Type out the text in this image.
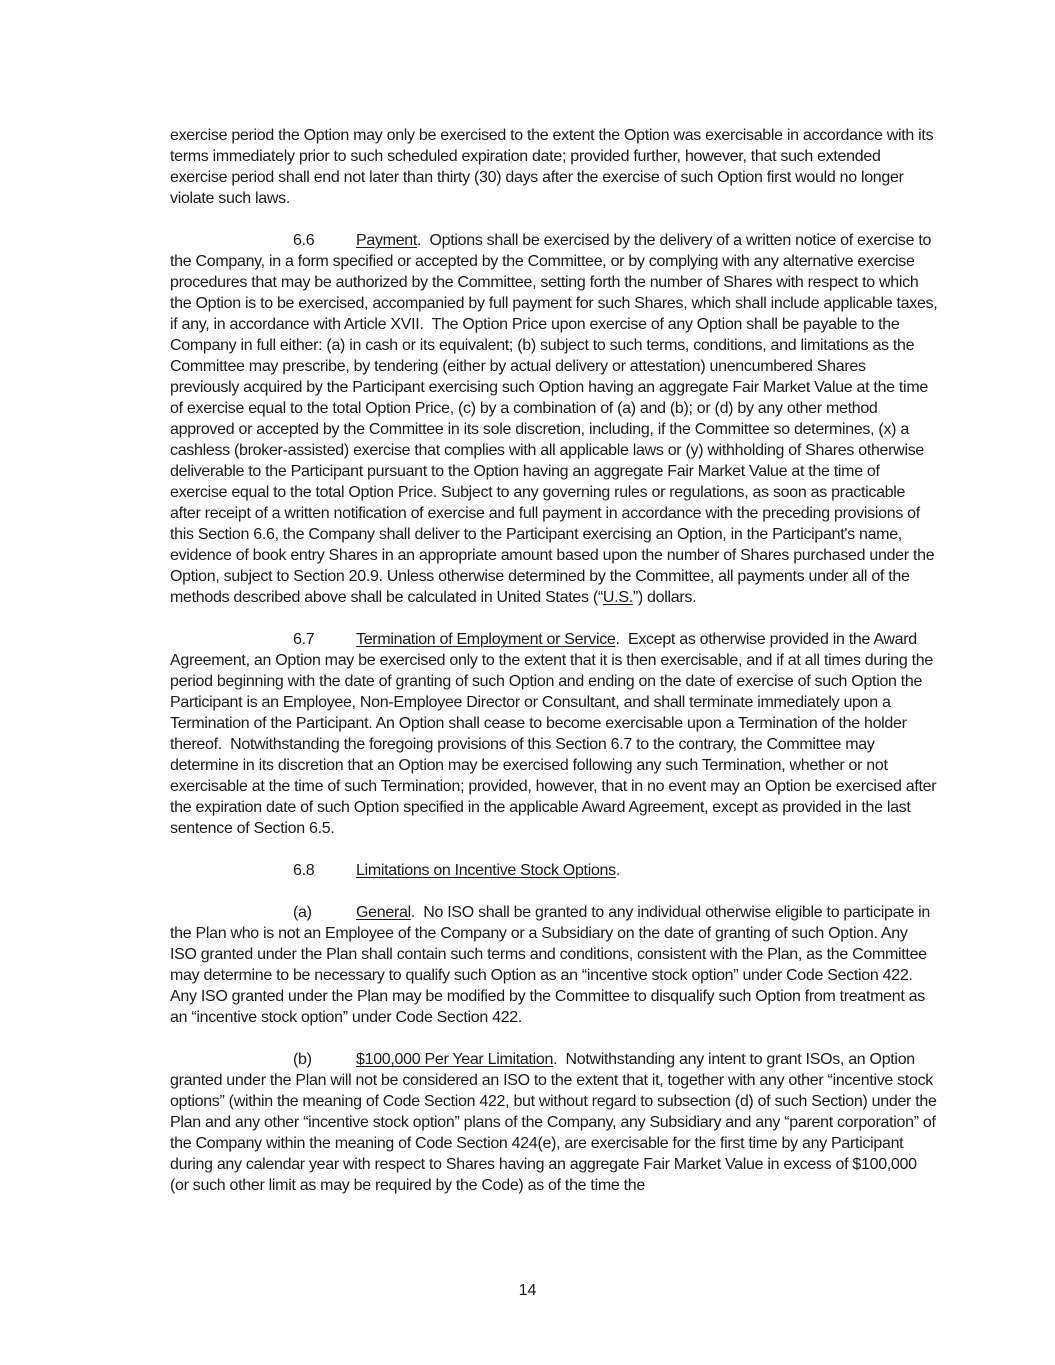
exercise period the Option may only be exercised to the extent the Option was exercisable in accordance with its terms immediately prior to such scheduled expiration date; provided further, however, that such extended exercise period shall end not later than thirty (30) days after the exercise of such Option first would no longer violate such laws.

6.6	Payment.  Options shall be exercised by the delivery of a written notice of exercise to the Company, in a form specified or accepted by the Committee, or by complying with any alternative exercise procedures that may be authorized by the Committee, setting forth the number of Shares with respect to which the Option is to be exercised, accompanied by full payment for such Shares, which shall include applicable taxes, if any, in accordance with Article XVII.  The Option Price upon exercise of any Option shall be payable to the Company in full either: (a) in cash or its equivalent; (b) subject to such terms, conditions, and limitations as the Committee may prescribe, by tendering (either by actual delivery or attestation) unencumbered Shares previously acquired by the Participant exercising such Option having an aggregate Fair Market Value at the time of exercise equal to the total Option Price, (c) by a combination of (a) and (b); or (d) by any other method approved or accepted by the Committee in its sole discretion, including, if the Committee so determines, (x) a cashless (broker-assisted) exercise that complies with all applicable laws or (y) withholding of Shares otherwise deliverable to the Participant pursuant to the Option having an aggregate Fair Market Value at the time of exercise equal to the total Option Price. Subject to any governing rules or regulations, as soon as practicable after receipt of a written notification of exercise and full payment in accordance with the preceding provisions of this Section 6.6, the Company shall deliver to the Participant exercising an Option, in the Participant's name, evidence of book entry Shares in an appropriate amount based upon the number of Shares purchased under the Option, subject to Section 20.9. Unless otherwise determined by the Committee, all payments under all of the methods described above shall be calculated in United States (“U.S.”) dollars.

6.7	Termination of Employment or Service.  Except as otherwise provided in the Award Agreement, an Option may be exercised only to the extent that it is then exercisable, and if at all times during the period beginning with the date of granting of such Option and ending on the date of exercise of such Option the Participant is an Employee, Non-Employee Director or Consultant, and shall terminate immediately upon a Termination of the Participant. An Option shall cease to become exercisable upon a Termination of the holder thereof.  Notwithstanding the foregoing provisions of this Section 6.7 to the contrary, the Committee may determine in its discretion that an Option may be exercised following any such Termination, whether or not exercisable at the time of such Termination; provided, however, that in no event may an Option be exercised after the expiration date of such Option specified in the applicable Award Agreement, except as provided in the last sentence of Section 6.5.

6.8	Limitations on Incentive Stock Options.

(a)	General.  No ISO shall be granted to any individual otherwise eligible to participate in the Plan who is not an Employee of the Company or a Subsidiary on the date of granting of such Option. Any ISO granted under the Plan shall contain such terms and conditions, consistent with the Plan, as the Committee may determine to be necessary to qualify such Option as an “incentive stock option” under Code Section 422.  Any ISO granted under the Plan may be modified by the Committee to disqualify such Option from treatment as an “incentive stock option” under Code Section 422.

(b)	$100,000 Per Year Limitation.  Notwithstanding any intent to grant ISOs, an Option granted under the Plan will not be considered an ISO to the extent that it, together with any other “incentive stock options” (within the meaning of Code Section 422, but without regard to subsection (d) of such Section) under the Plan and any other “incentive stock option” plans of the Company, any Subsidiary and any “parent corporation” of the Company within the meaning of Code Section 424(e), are exercisable for the first time by any Participant during any calendar year with respect to Shares having an aggregate Fair Market Value in excess of $100,000 (or such other limit as may be required by the Code) as of the time the

14
